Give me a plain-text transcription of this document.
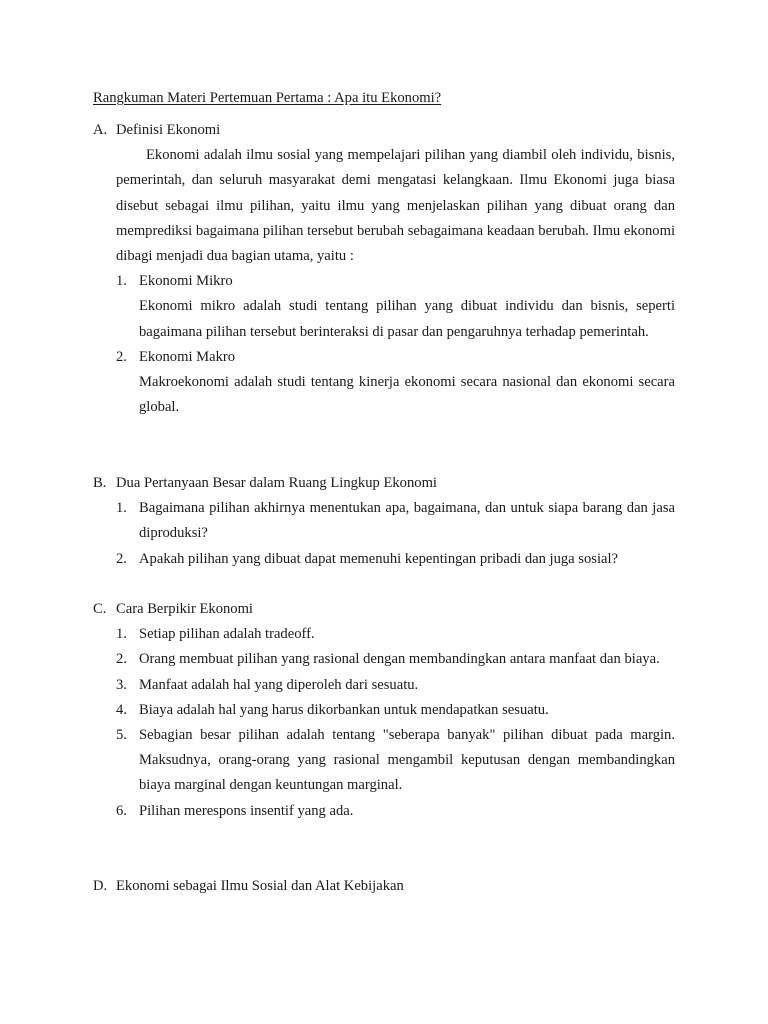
Rangkuman Materi Pertemuan Pertama : Apa itu Ekonomi?
A. Definisi Ekonomi
Ekonomi adalah ilmu sosial yang mempelajari pilihan yang diambil oleh individu, bisnis, pemerintah, dan seluruh masyarakat demi mengatasi kelangkaan. Ilmu Ekonomi juga biasa disebut sebagai ilmu pilihan, yaitu ilmu yang menjelaskan pilihan yang dibuat orang dan memprediksi bagaimana pilihan tersebut berubah sebagaimana keadaan berubah. Ilmu ekonomi dibagi menjadi dua bagian utama, yaitu :
1. Ekonomi Mikro
Ekonomi mikro adalah studi tentang pilihan yang dibuat individu dan bisnis, seperti bagaimana pilihan tersebut berinteraksi di pasar dan pengaruhnya terhadap pemerintah.
2. Ekonomi Makro
Makroekonomi adalah studi tentang kinerja ekonomi secara nasional dan ekonomi secara global.
B. Dua Pertanyaan Besar dalam Ruang Lingkup Ekonomi
1. Bagaimana pilihan akhirnya menentukan apa, bagaimana, dan untuk siapa barang dan jasa diproduksi?
2. Apakah pilihan yang dibuat dapat memenuhi kepentingan pribadi dan juga sosial?
C. Cara Berpikir Ekonomi
1. Setiap pilihan adalah tradeoff.
2. Orang membuat pilihan yang rasional dengan membandingkan antara manfaat dan biaya.
3. Manfaat adalah hal yang diperoleh dari sesuatu.
4. Biaya adalah hal yang harus dikorbankan untuk mendapatkan sesuatu.
5. Sebagian besar pilihan adalah tentang "seberapa banyak" pilihan dibuat pada margin. Maksudnya, orang-orang yang rasional mengambil keputusan dengan membandingkan biaya marginal dengan keuntungan marginal.
6. Pilihan merespons insentif yang ada.
D. Ekonomi sebagai Ilmu Sosial dan Alat Kebijakan
